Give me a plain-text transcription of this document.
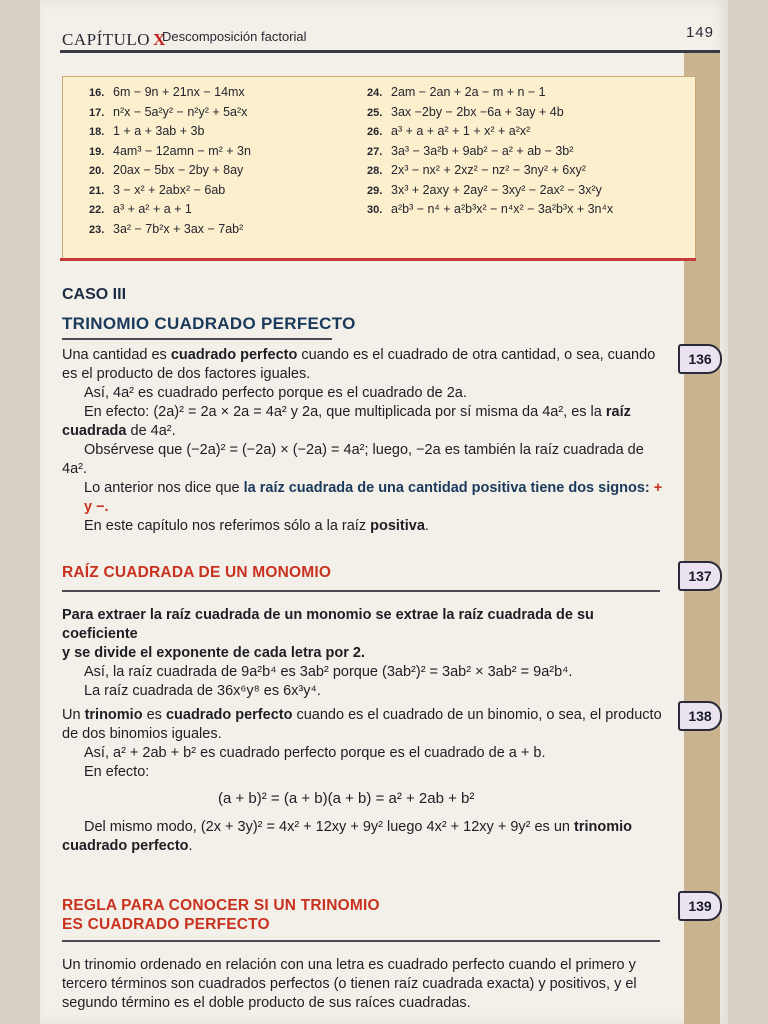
CAPÍTULO X
Descomposición factorial	149
16. 6m − 9n + 21nx − 14mx
17. n²x − 5a²y² − n²y² + 5a²x
18. 1 + a + 3ab + 3b
19. 4am³ − 12amn − m² + 3n
20. 20ax − 5bx − 2by + 8ay
21. 3 − x² + 2abx² − 6ab
22. a³ + a² + a + 1
23. 3a² − 7b²x + 3ax − 7ab²
24. 2am − 2an + 2a − m + n − 1
25. 3ax −2by − 2bx −6a + 3ay + 4b
26. a³ + a + a² + 1 + x² + a²x²
27. 3a³ − 3a²b + 9ab² − a² + ab − 3b²
28. 2x³ − nx² + 2xz² − nz² − 3ny² + 6xy²
29. 3x³ + 2axy + 2ay² − 3xy² − 2ax² − 3x²y
30. a²b³ − n⁴ + a²b³x² − n⁴x² − 3a²b³x + 3n⁴x
CASO III
TRINOMIO CUADRADO PERFECTO
136
Una cantidad es cuadrado perfecto cuando es el cuadrado de otra cantidad, o sea, cuando
es el producto de dos factores iguales.
Así, 4a² es cuadrado perfecto porque es el cuadrado de 2a.
En efecto: (2a)² = 2a × 2a = 4a² y 2a, que multiplicada por sí misma da 4a², es la raíz
cuadrada de 4a².
Obsérvese que (−2a)² = (−2a) × (−2a) = 4a²; luego, −2a es también la raíz cuadrada de
4a².
Lo anterior nos dice que la raíz cuadrada de una cantidad positiva tiene dos signos: + y −.
En este capítulo nos referimos sólo a la raíz positiva.
RAÍZ CUADRADA DE UN MONOMIO	137
Para extraer la raíz cuadrada de un monomio se extrae la raíz cuadrada de su coeficiente
y se divide el exponente de cada letra por 2.
Así, la raíz cuadrada de 9a²b⁴ es 3ab² porque (3ab²)² = 3ab² × 3ab² = 9a²b⁴.
La raíz cuadrada de 36x⁶y⁸ es 6x³y⁴.
138
Un trinomio es cuadrado perfecto cuando es el cuadrado de un binomio, o sea, el producto
de dos binomios iguales.
Así, a² + 2ab + b² es cuadrado perfecto porque es el cuadrado de a + b.
En efecto:
(a + b)² = (a + b)(a + b) = a² + 2ab + b²
Del mismo modo, (2x + 3y)² = 4x² + 12xy + 9y² luego 4x² + 12xy + 9y² es un trinomio
cuadrado perfecto.
REGLA PARA CONOCER SI UN TRINOMIO
ES CUADRADO PERFECTO
139
Un trinomio ordenado en relación con una letra es cuadrado perfecto cuando el primero y
tercero términos son cuadrados perfectos (o tienen raíz cuadrada exacta) y positivos, y el
segundo término es el doble producto de sus raíces cuadradas.
